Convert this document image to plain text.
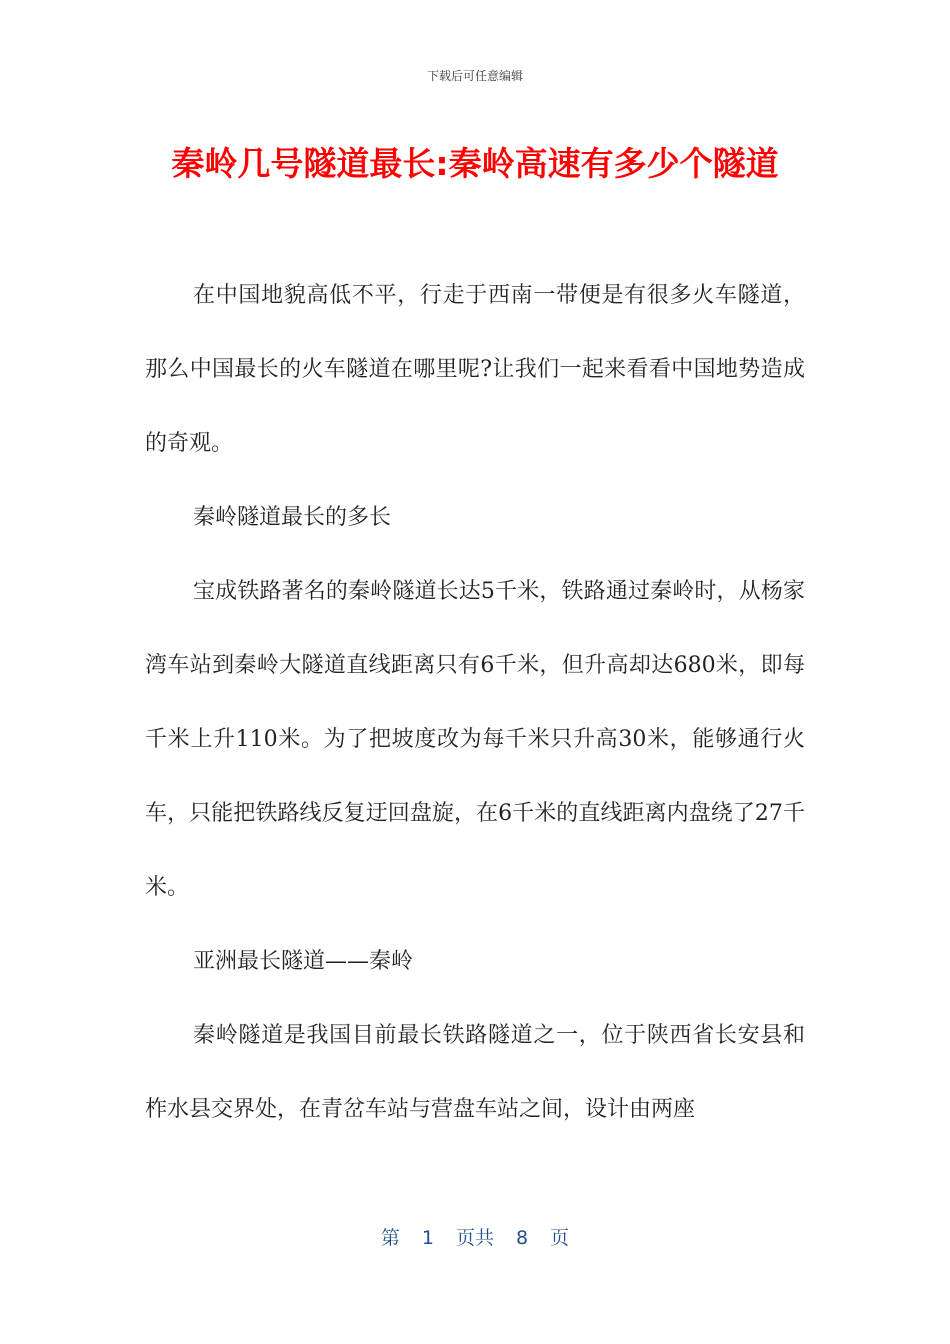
下载后可任意编辑
秦岭几号隧道最长:秦岭高速有多少个隧道

在中国地貌高低不平，行走于西南一带便是有很多火车隧道，那么中国最长的火车隧道在哪里呢?让我们一起来看看中国地势造成的奇观。

秦岭隧道最长的多长

宝成铁路著名的秦岭隧道长达5千米，铁路通过秦岭时，从杨家湾车站到秦岭大隧道直线距离只有6千米，但升高却达680米，即每千米上升110米。为了把坡度改为每千米只升高30米，能够通行火车，只能把铁路线反复迂回盘旋，在6千米的直线距离内盘绕了27千米。

亚洲最长隧道——秦岭

秦岭隧道是我国目前最长铁路隧道之一，位于陕西省长安县和柞水县交界处，在青岔车站与营盘车站之间，设计由两座

第 1 页共 8 页
